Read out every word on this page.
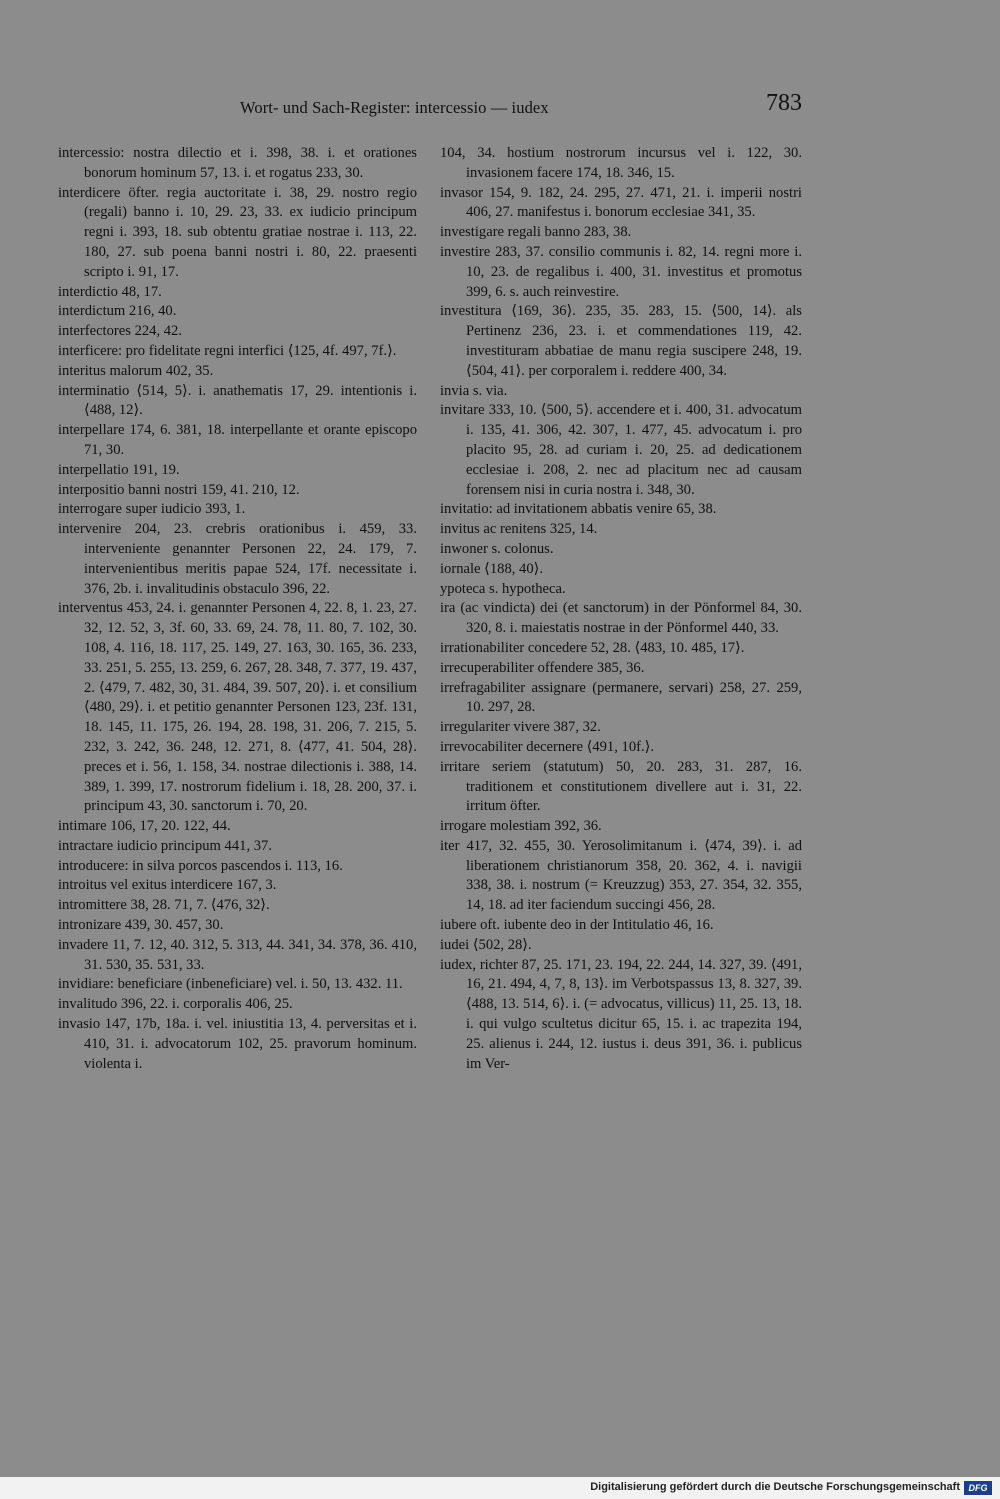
Wort- und Sach-Register: intercessio — iudex	783

intercessio: nostra dilectio et i. 398, 38. i. et orationes bonorum hominum 57, 13. i. et rogatus 233, 30.

interdicere öfter. regia auctoritate i. 38, 29. nostro regio (regali) banno i. 10, 29. 23, 33. ex iudicio principum regni i. 393, 18. sub obtentu gratiae nostrae i. 113, 22. 180, 27. sub poena banni nostri i. 80, 22. praesenti scripto i. 91, 17.

interdictio 48, 17.

interdictum 216, 40.

interfectores 224, 42.

interficere: pro fidelitate regni interfici ⟨125, 4f. 497, 7f.⟩.

interitus malorum 402, 35.

interminatio ⟨514, 5⟩. i. anathematis 17, 29. intentionis i. ⟨488, 12⟩.

interpellare 174, 6. 381, 18. interpellante et orante episcopo 71, 30.

interpellatio 191, 19.

interpositio banni nostri 159, 41. 210, 12.

interrogare super iudicio 393, 1.

intervenire 204, 23. crebris orationibus i. 459, 33. interveniente genannter Personen 22, 24. 179, 7. intervenientibus meritis papae 524, 17f. necessitate i. 376, 2b. i. invalitudinis obstaculo 396, 22.

interventus 453, 24. i. genannter Personen 4, 22. 8, 1. 23, 27. 32, 12. 52, 3, 3f. 60, 33. 69, 24. 78, 11. 80, 7. 102, 30. 108, 4. 116, 18. 117, 25. 149, 27. 163, 30. 165, 36. 233, 33. 251, 5. 255, 13. 259, 6. 267, 28. 348, 7. 377, 19. 437, 2. ⟨479, 7. 482, 30, 31. 484, 39. 507, 20⟩. i. et consilium ⟨480, 29⟩. i. et petitio genannter Personen 123, 23f. 131, 18. 145, 11. 175, 26. 194, 28. 198, 31. 206, 7. 215, 5. 232, 3. 242, 36. 248, 12. 271, 8. ⟨477, 41. 504, 28⟩. preces et i. 56, 1. 158, 34. nostrae dilectionis i. 388, 14. 389, 1. 399, 17. nostrorum fidelium i. 18, 28. 200, 37. i. principum 43, 30. sanctorum i. 70, 20.

intimare 106, 17, 20. 122, 44.

intractare iudicio principum 441, 37.

introducere: in silva porcos pascendos i. 113, 16.

introitus vel exitus interdicere 167, 3.

intromittere 38, 28. 71, 7. ⟨476, 32⟩.

intronizare 439, 30. 457, 30.

invadere 11, 7. 12, 40. 312, 5. 313, 44. 341, 34. 378, 36. 410, 31. 530, 35. 531, 33.

invidiare: beneficiare (inbeneficiare) vel. i. 50, 13. 432. 11.

invalitudo 396, 22. i. corporalis 406, 25.

invasio 147, 17b, 18a. i. vel. iniustitia 13, 4. perversitas et i. 410, 31. i. advocatorum 102, 25. pravorum hominum. violenta i.

104, 34. hostium nostrorum incursus vel i. 122, 30. invasionem facere 174, 18. 346, 15.

invasor 154, 9. 182, 24. 295, 27. 471, 21. i. imperii nostri 406, 27. manifestus i. bonorum ecclesiae 341, 35.

investigare regali banno 283, 38.

investire 283, 37. consilio communis i. 82, 14. regni more i. 10, 23. de regalibus i. 400, 31. investitus et promotus 399, 6. s. auch reinvestire.

investitura ⟨169, 36⟩. 235, 35. 283, 15. ⟨500, 14⟩. als Pertinenz 236, 23. i. et commendationes 119, 42. investituram abbatiae de manu regia suscipere 248, 19. ⟨504, 41⟩. per corporalem i. reddere 400, 34.

invia s. via.

invitare 333, 10. ⟨500, 5⟩. accendere et i. 400, 31. advocatum i. 135, 41. 306, 42. 307, 1. 477, 45. advocatum i. pro placito 95, 28. ad curiam i. 20, 25. ad dedicationem ecclesiae i. 208, 2. nec ad placitum nec ad causam forensem nisi in curia nostra i. 348, 30.

invitatio: ad invitationem abbatis venire 65, 38.

invitus ac renitens 325, 14.

inwoner s. colonus.

iornale ⟨188, 40⟩.

ypoteca s. hypotheca.

ira (ac vindicta) dei (et sanctorum) in der Pönformel 84, 30. 320, 8. i. maiestatis nostrae in der Pönformel 440, 33.

irrationabiliter concedere 52, 28. ⟨483, 10. 485, 17⟩.

irrecuperabiliter offendere 385, 36.

irrefragabiliter assignare (permanere, servari) 258, 27. 259, 10. 297, 28.

irregulariter vivere 387, 32.

irrevocabiliter decernere ⟨491, 10f.⟩.

irritare seriem (statutum) 50, 20. 283, 31. 287, 16. traditionem et constitutionem divellere aut i. 31, 22. irritum öfter.

irrogare molestiam 392, 36.

iter 417, 32. 455, 30. Yerosolimitanum i. ⟨474, 39⟩. i. ad liberationem christianorum 358, 20. 362, 4. i. navigii 338, 38. i. nostrum (= Kreuzzug) 353, 27. 354, 32. 355, 14, 18. ad iter faciendum succingi 456, 28.

iubere oft. iubente deo in der Intitulatio 46, 16.

iudei ⟨502, 28⟩.

iudex, richter 87, 25. 171, 23. 194, 22. 244, 14. 327, 39. ⟨491, 16, 21. 494, 4, 7, 8, 13⟩. im Verbotspassus 13, 8. 327, 39. ⟨488, 13. 514, 6⟩. i. (= advocatus, villicus) 11, 25. 13, 18. i. qui vulgo scultetus dicitur 65, 15. i. ac trapezita 194, 25. alienus i. 244, 12. iustus i. deus 391, 36. i. publicus im Ver-

Digitalisierung gefördert durch die Deutsche Forschungsgemeinschaft DFG
